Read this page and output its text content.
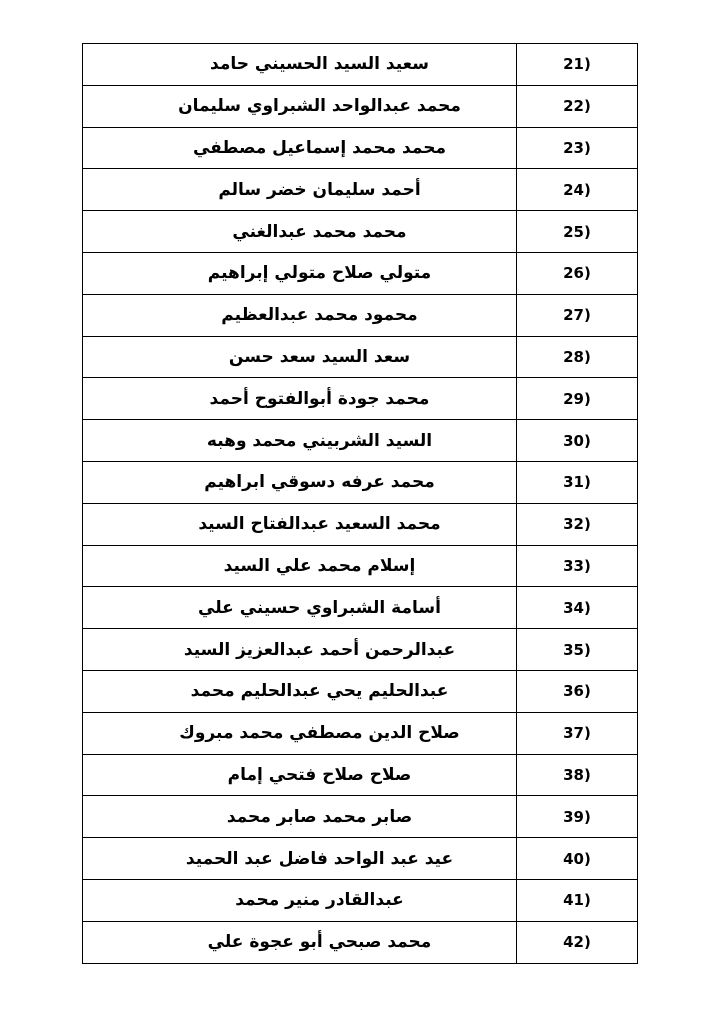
21)	سعيد السيد الحسيني حامد
22)	محمد عبدالواحد الشبراوي سليمان
23)	محمد محمد إسماعيل مصطفي
24)	أحمد سليمان خضر سالم
25)	محمد محمد عبدالغني
26)	متولي صلاح متولي إبراهيم
27)	محمود محمد عبدالعظيم
28)	سعد السيد سعد حسن
29)	محمد جودة أبوالفتوح أحمد
30)	السيد الشربيني محمد وهبه
31)	محمد عرفه دسوقي ابراهيم
32)	محمد السعيد عبدالفتاح السيد
33)	إسلام محمد علي السيد
34)	أسامة الشبراوي حسيني علي
35)	عبدالرحمن أحمد عبدالعزيز السيد
36)	عبدالحليم يحي عبدالحليم محمد
37)	صلاح الدين مصطفي محمد مبروك
38)	صلاح صلاح فتحي إمام
39)	صابر محمد صابر محمد
40)	عيد عبد الواحد فاضل عبد الحميد
41)	عبدالقادر منير محمد
42)	محمد صبحي أبو عجوة علي
